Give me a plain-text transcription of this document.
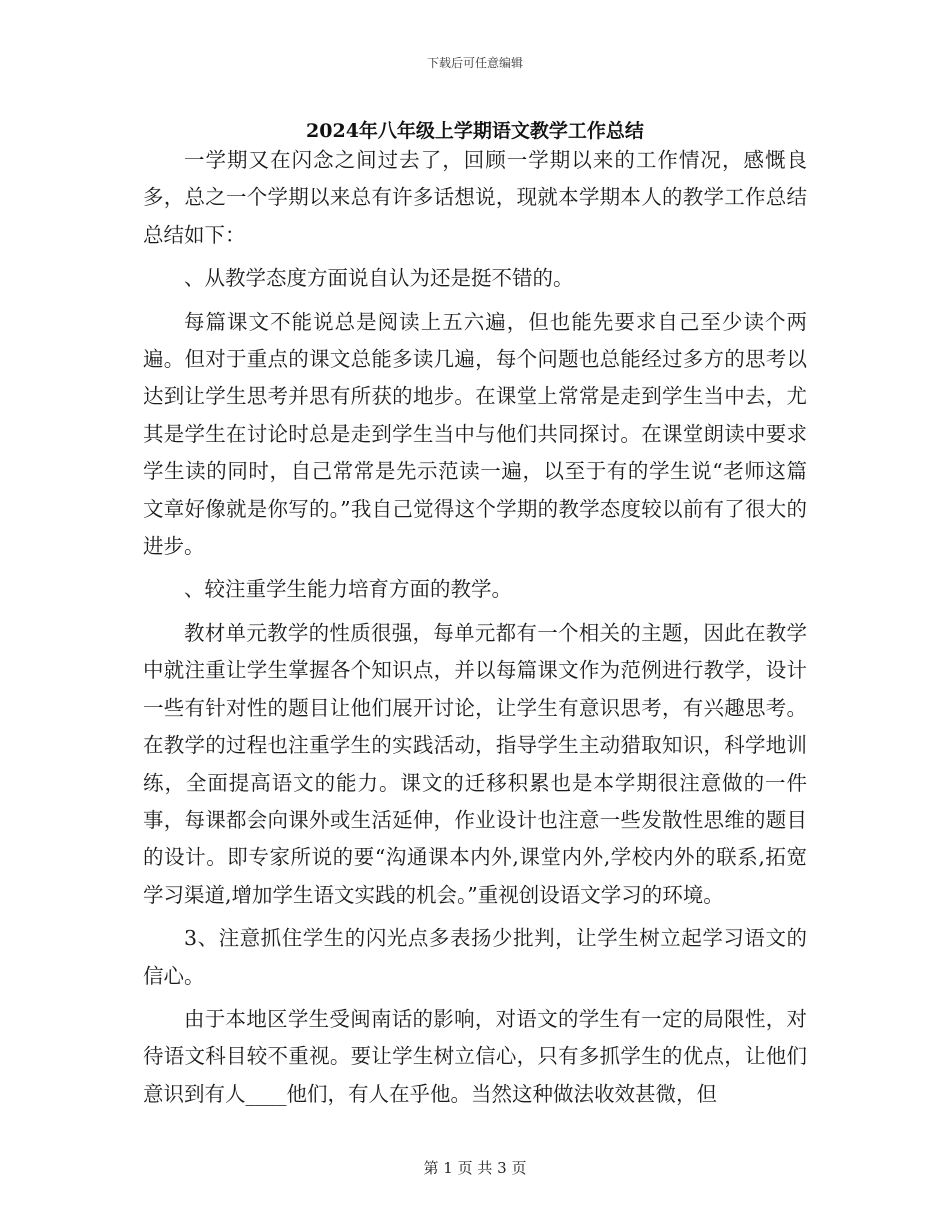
下载后可任意编辑
2024年八年级上学期语文教学工作总结

一学期又在闪念之间过去了，回顾一学期以来的工作情况，感慨良多，总之一个学期以来总有许多话想说，现就本学期本人的教学工作总结总结如下：

、从教学态度方面说自认为还是挺不错的。

每篇课文不能说总是阅读上五六遍，但也能先要求自己至少读个两遍。但对于重点的课文总能多读几遍，每个问题也总能经过多方的思考以达到让学生思考并思有所获的地步。在课堂上常常是走到学生当中去，尤其是学生在讨论时总是走到学生当中与他们共同探讨。在课堂朗读中要求学生读的同时，自己常常是先示范读一遍，以至于有的学生说“老师这篇文章好像就是你写的。”我自己觉得这个学期的教学态度较以前有了很大的进步。

、较注重学生能力培育方面的教学。

教材单元教学的性质很强，每单元都有一个相关的主题，因此在教学中就注重让学生掌握各个知识点，并以每篇课文作为范例进行教学，设计一些有针对性的题目让他们展开讨论，让学生有意识思考，有兴趣思考。在教学的过程也注重学生的实践活动，指导学生主动猎取知识，科学地训练，全面提高语文的能力。课文的迁移积累也是本学期很注意做的一件事，每课都会向课外或生活延伸，作业设计也注意一些发散性思维的题目的设计。即专家所说的要“沟通课本内外,课堂内外,学校内外的联系,拓宽学习渠道,增加学生语文实践的机会。”重视创设语文学习的环境。

3、注意抓住学生的闪光点多表扬少批判，让学生树立起学习语文的信心。

由于本地区学生受闽南话的影响，对语文的学生有一定的局限性，对待语文科目较不重视。要让学生树立信心，只有多抓学生的优点，让他们意识到有人____他们，有人在乎他。当然这种做法收效甚微，但

第 1 页 共 3 页
